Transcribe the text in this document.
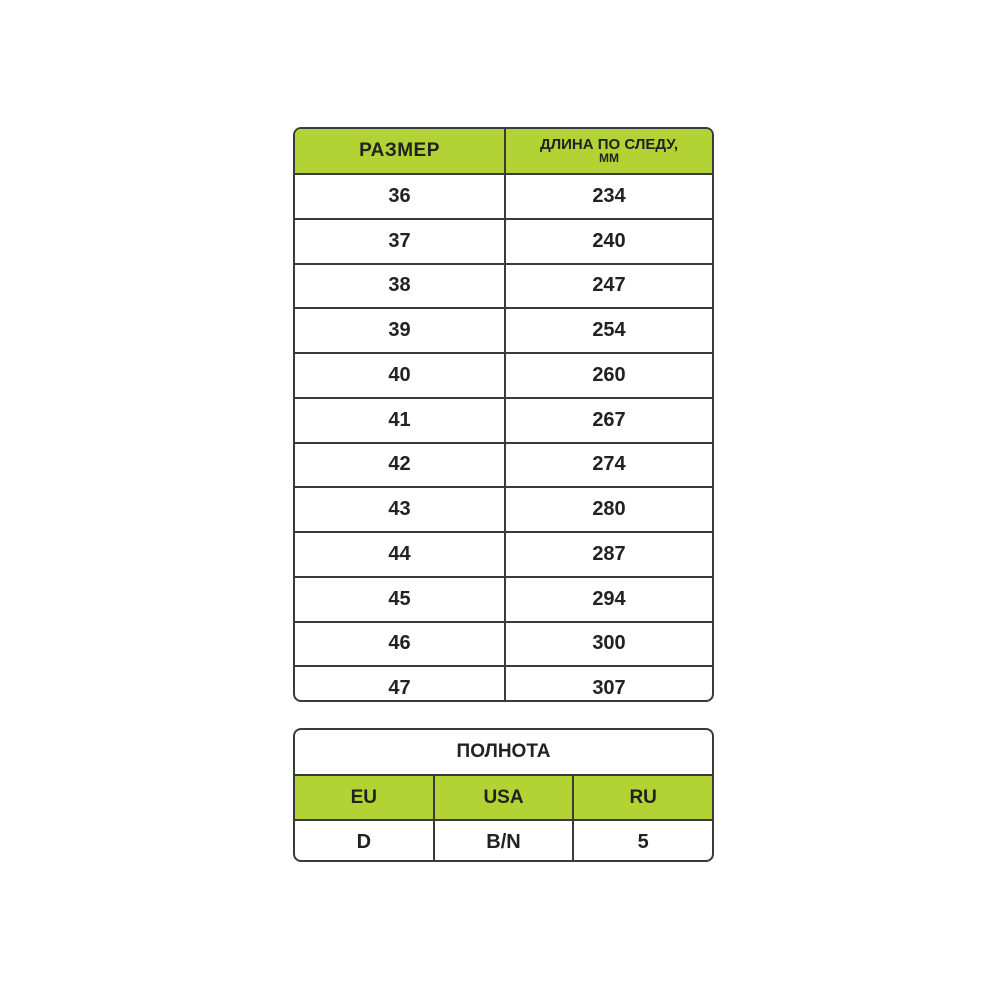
РАЗМЕР	ДЛИНА ПО СЛЕДУ,
ММ
36	234
37	240
38	247
39	254
40	260
41	267
42	274
43	280
44	287
45	294
46	300
47	307
ПОЛНОТА
EU	USA	RU
D	B/N	5
